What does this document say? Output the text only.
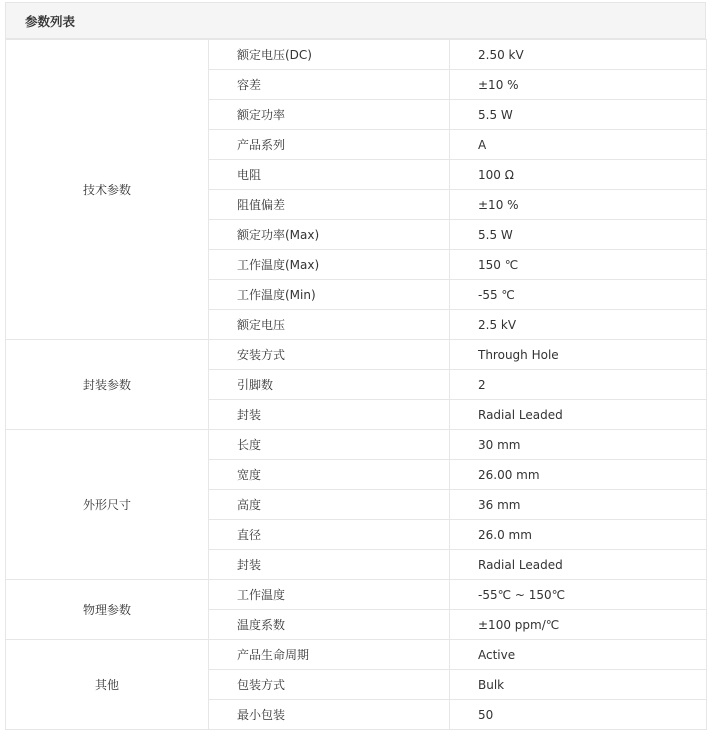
参数列表
技术参数	额定电压(DC)	2.50 kV
	容差	±10 %
	额定功率	5.5 W
	产品系列	A
	电阻	100 Ω
	阻值偏差	±10 %
	额定功率(Max)	5.5 W
	工作温度(Max)	150 ℃
	工作温度(Min)	-55 ℃
	额定电压	2.5 kV
封装参数	安装方式	Through Hole
	引脚数	2
	封装	Radial Leaded
外形尺寸	长度	30 mm
	宽度	26.00 mm
	高度	36 mm
	直径	26.0 mm
	封装	Radial Leaded
物理参数	工作温度	-55℃ ~ 150℃
	温度系数	±100 ppm/℃
其他	产品生命周期	Active
	包装方式	Bulk
	最小包装	50
